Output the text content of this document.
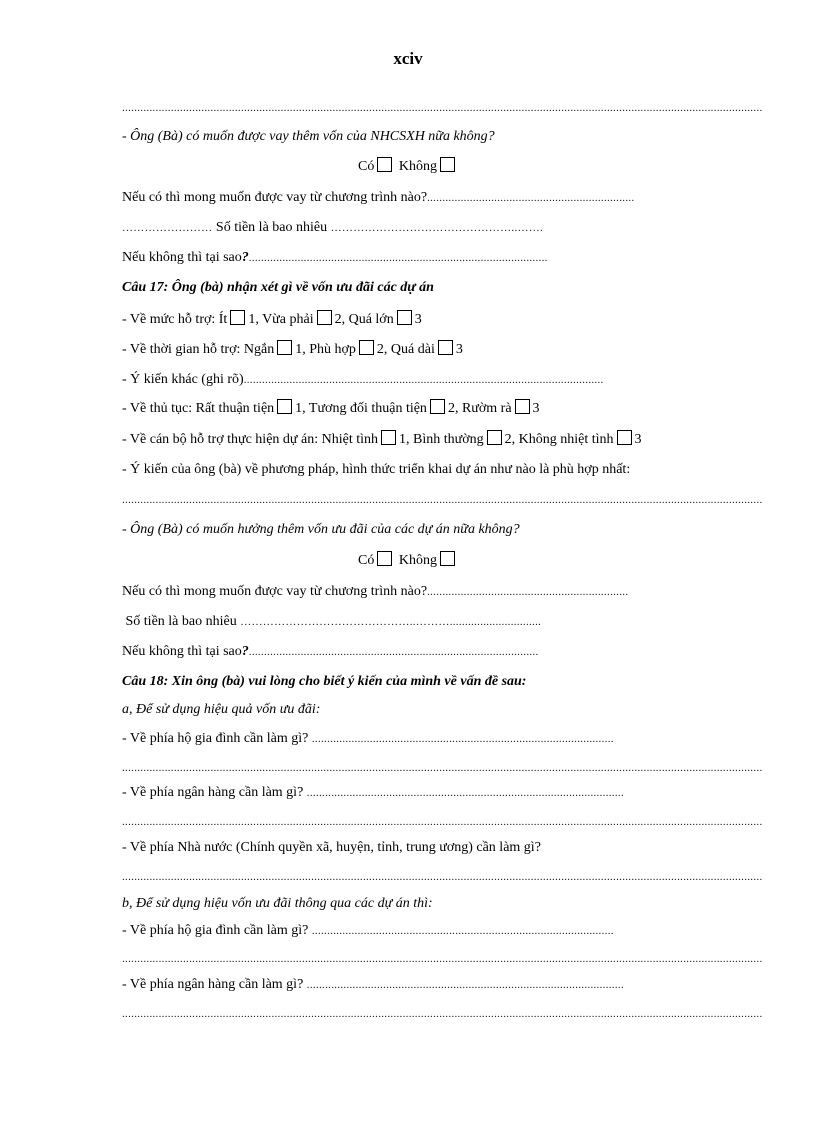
xciv
..................................................................................................................................................................................................................
- Ông (Bà) có muốn được vay thêm vốn của NHCSXH nữa không?
Có Không
Nếu có thì mong muốn được vay từ chương trình nào?....................................................................
…………………… Số tiền là bao nhiêu …………………………………………..…….
Nếu không thì tại sao?..................................................................................................
Câu 17: Ông (bà) nhận xét gì về vốn ưu đãi các dự án
- Về mức hỗ trợ: Ít 1, Vừa phải 2, Quá lớn 3
- Về thời gian hỗ trợ: Ngắn 1, Phù hợp 2, Quá dài 3
- Ý kiến khác (ghi rõ)......................................................................................................................
- Về thủ tục: Rất thuận tiện 1, Tương đối thuận tiện 2, Rườm rà 3
- Về cán bộ hỗ trợ thực hiện dự án: Nhiệt tình 1, Bình thường 2, Không nhiệt tình 3
- Ý kiến của ông (bà) về phương pháp, hình thức triển khai dự án như nào là phù hợp nhất:
..................................................................................................................................................................................................................
- Ông (Bà) có muốn hưởng thêm vốn ưu đãi của các dự án nữa không?
Có Không
Nếu có thì mong muốn được vay từ chương trình nào?..................................................................
Số tiền là bao nhiêu ………………………………………..………..............................
Nếu không thì tại sao?...............................................................................................
Câu 18: Xin ông (bà) vui lòng cho biết ý kiến của mình về vấn đề sau:
a, Để sử dụng hiệu quả vốn ưu đãi:
- Về phía hộ gia đình cần làm gì? ...................................................................................................
..................................................................................................................................................................................................................
- Về phía ngân hàng cần làm gì? ........................................................................................................
..................................................................................................................................................................................................................
- Về phía Nhà nước (Chính quyền xã, huyện, tỉnh, trung ương) cần làm gì?
..................................................................................................................................................................................................................
b, Để sử dụng hiệu vốn ưu đãi thông qua các dự án thì:
- Về phía hộ gia đình cần làm gì? ...................................................................................................
..................................................................................................................................................................................................................
- Về phía ngân hàng cần làm gì? ........................................................................................................
..................................................................................................................................................................................................................
